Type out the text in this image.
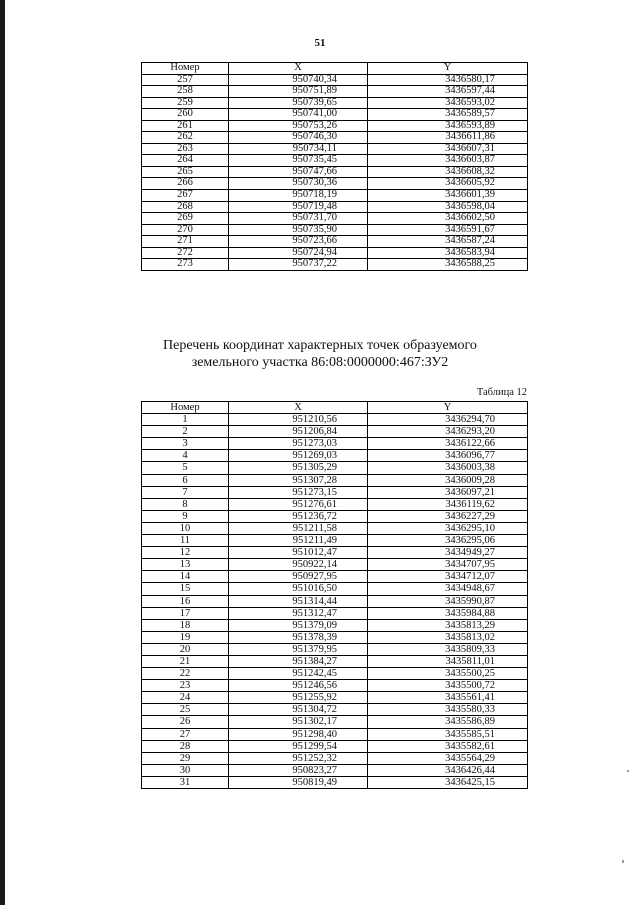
51
Номер	X	Y
257	950740,34	3436580,17
258	950751,89	3436597,44
259	950739,65	3436593,02
260	950741,00	3436589,57
261	950753,26	3436593,89
262	950746,30	3436611,86
263	950734,11	3436607,31
264	950735,45	3436603,87
265	950747,66	3436608,32
266	950730,36	3436605,92
267	950718,19	3436601,39
268	950719,48	3436598,04
269	950731,70	3436602,50
270	950735,90	3436591,67
271	950723,66	3436587,24
272	950724,94	3436583,94
273	950737,22	3436588,25
Перечень координат характерных точек образуемого
земельного участка 86:08:0000000:467:ЗУ2
Таблица 12
Номер	X	Y
1	951210,56	3436294,70
2	951206,84	3436293,20
3	951273,03	3436122,66
4	951269,03	3436096,77
5	951305,29	3436003,38
6	951307,28	3436009,28
7	951273,15	3436097,21
8	951276,61	3436119,62
9	951236,72	3436227,29
10	951211,58	3436295,10
11	951211,49	3436295,06
12	951012,47	3434949,27
13	950922,14	3434707,95
14	950927,95	3434712,07
15	951016,50	3434948,67
16	951314,44	3435990,87
17	951312,47	3435984,88
18	951379,09	3435813,29
19	951378,39	3435813,02
20	951379,95	3435809,33
21	951384,27	3435811,01
22	951242,45	3435500,25
23	951246,56	3435500,72
24	951255,92	3435561,41
25	951304,72	3435580,33
26	951302,17	3435586,89
27	951298,40	3435585,51
28	951299,54	3435582,61
29	951252,32	3435564,29
30	950823,27	3436426,44
31	950819,49	3436425,15
